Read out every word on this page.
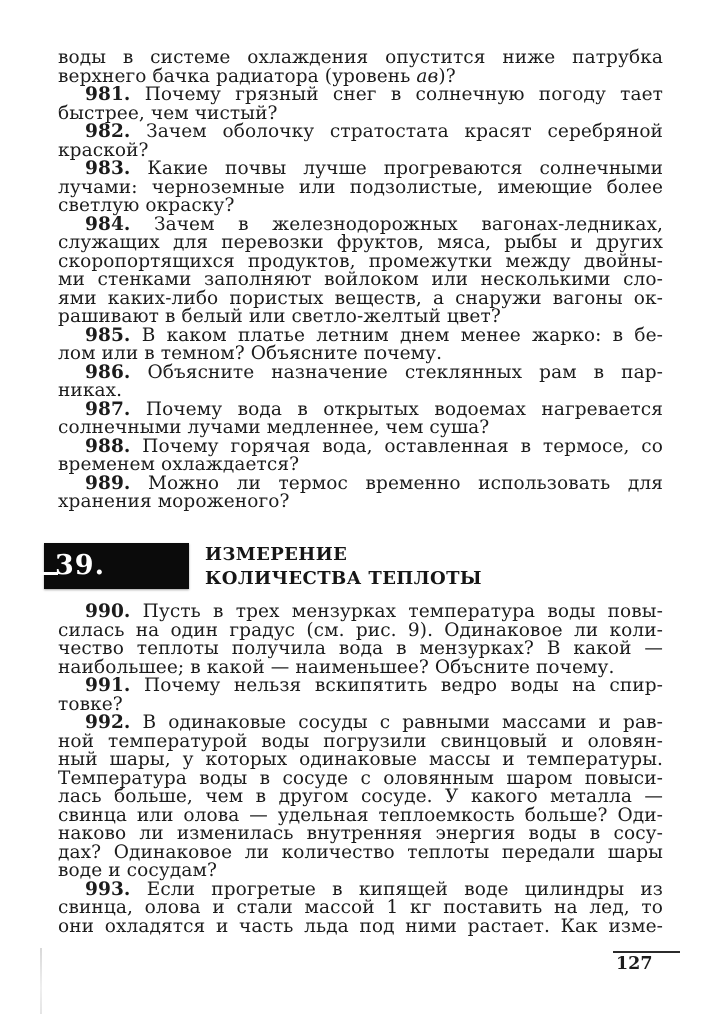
воды в системе охлаждения опустится ниже патрубка
верхнего бачка радиатора (уровень ав)?
981. Почему грязный снег в солнечную погоду тает
быстрее, чем чистый?
982. Зачем оболочку стратостата красят серебряной
краской?
983. Какие почвы лучше прогреваются солнечными
лучами: черноземные или подзолистые, имеющие более
светлую окраску?
984. Зачем в железнодорожных вагонах-ледниках,
служащих для перевозки фруктов, мяса, рыбы и других
скоропортящихся продуктов, промежутки между двойны-
ми стенками заполняют войлоком или несколькими сло-
ями каких-либо пористых веществ, а снаружи вагоны ок-
рашивают в белый или светло-желтый цвет?
985. В каком платье летним днем менее жарко: в бе-
лом или в темном? Объясните почему.
986. Объясните назначение стеклянных рам в пар-
никах.
987. Почему вода в открытых водоемах нагревается
солнечными лучами медленнее, чем суша?
988. Почему горячая вода, оставленная в термосе, со
временем охлаждается?
989. Можно ли термос временно использовать для
хранения мороженого?
39.	ИЗМЕРЕНИЕ
КОЛИЧЕСТВА ТЕПЛОТЫ
990. Пусть в трех мензурках температура воды повы-
силась на один градус (см. рис. 9). Одинаковое ли коли-
чество теплоты получила вода в мензурках? В какой —
наибольшее; в какой — наименьшее? Объсните почему.
991. Почему нельзя вскипятить ведро воды на спир-
товке?
992. В одинаковые сосуды с равными массами и рав-
ной температурой воды погрузили свинцовый и оловян-
ный шары, у которых одинаковые массы и температуры.
Температура воды в сосуде с оловянным шаром повыси-
лась больше, чем в другом сосуде. У какого металла —
свинца или олова — удельная теплоемкость больше? Оди-
наково ли изменилась внутренняя энергия воды в сосу-
дах? Одинаковое ли количество теплоты передали шары
воде и сосудам?
993. Если прогретые в кипящей воде цилиндры из
свинца, олова и стали массой 1 кг поставить на лед, то
они охладятся и часть льда под ними растает. Как изме-
127
